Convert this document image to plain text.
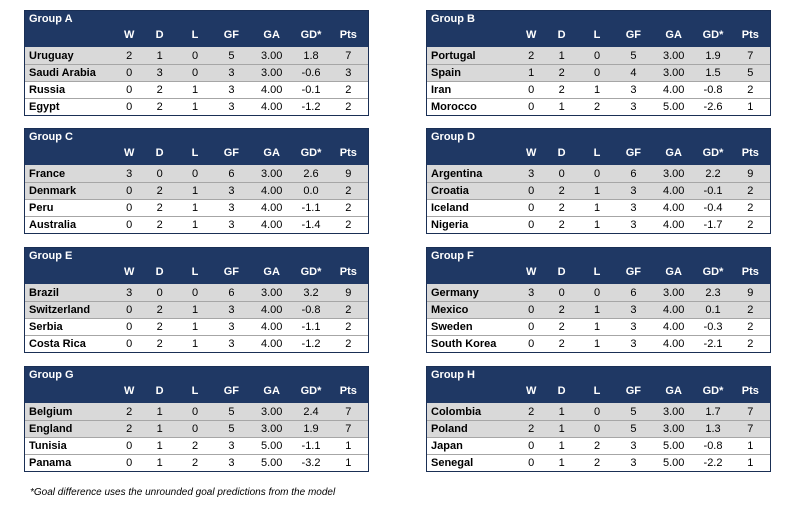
Group A
W	D	L	GF	GA	GD*	Pts
Uruguay	2	1	0	5	3.00	1.8	7
Saudi Arabia	0	3	0	3	3.00	-0.6	3
Russia	0	2	1	3	4.00	-0.1	2
Egypt	0	2	1	3	4.00	-1.2	2
Group B
W	D	L	GF	GA	GD*	Pts
Portugal	2	1	0	5	3.00	1.9	7
Spain	1	2	0	4	3.00	1.5	5
Iran	0	2	1	3	4.00	-0.8	2
Morocco	0	1	2	3	5.00	-2.6	1
Group C
W	D	L	GF	GA	GD*	Pts
France	3	0	0	6	3.00	2.6	9
Denmark	0	2	1	3	4.00	0.0	2
Peru	0	2	1	3	4.00	-1.1	2
Australia	0	2	1	3	4.00	-1.4	2
Group D
W	D	L	GF	GA	GD*	Pts
Argentina	3	0	0	6	3.00	2.2	9
Croatia	0	2	1	3	4.00	-0.1	2
Iceland	0	2	1	3	4.00	-0.4	2
Nigeria	0	2	1	3	4.00	-1.7	2
Group E
W	D	L	GF	GA	GD*	Pts
Brazil	3	0	0	6	3.00	3.2	9
Switzerland	0	2	1	3	4.00	-0.8	2
Serbia	0	2	1	3	4.00	-1.1	2
Costa Rica	0	2	1	3	4.00	-1.2	2
Group F
W	D	L	GF	GA	GD*	Pts
Germany	3	0	0	6	3.00	2.3	9
Mexico	0	2	1	3	4.00	0.1	2
Sweden	0	2	1	3	4.00	-0.3	2
South Korea	0	2	1	3	4.00	-2.1	2
Group G
W	D	L	GF	GA	GD*	Pts
Belgium	2	1	0	5	3.00	2.4	7
England	2	1	0	5	3.00	1.9	7
Tunisia	0	1	2	3	5.00	-1.1	1
Panama	0	1	2	3	5.00	-3.2	1
Group H
W	D	L	GF	GA	GD*	Pts
Colombia	2	1	0	5	3.00	1.7	7
Poland	2	1	0	5	3.00	1.3	7
Japan	0	1	2	3	5.00	-0.8	1
Senegal	0	1	2	3	5.00	-2.2	1
*Goal difference uses the unrounded goal predictions from the model
